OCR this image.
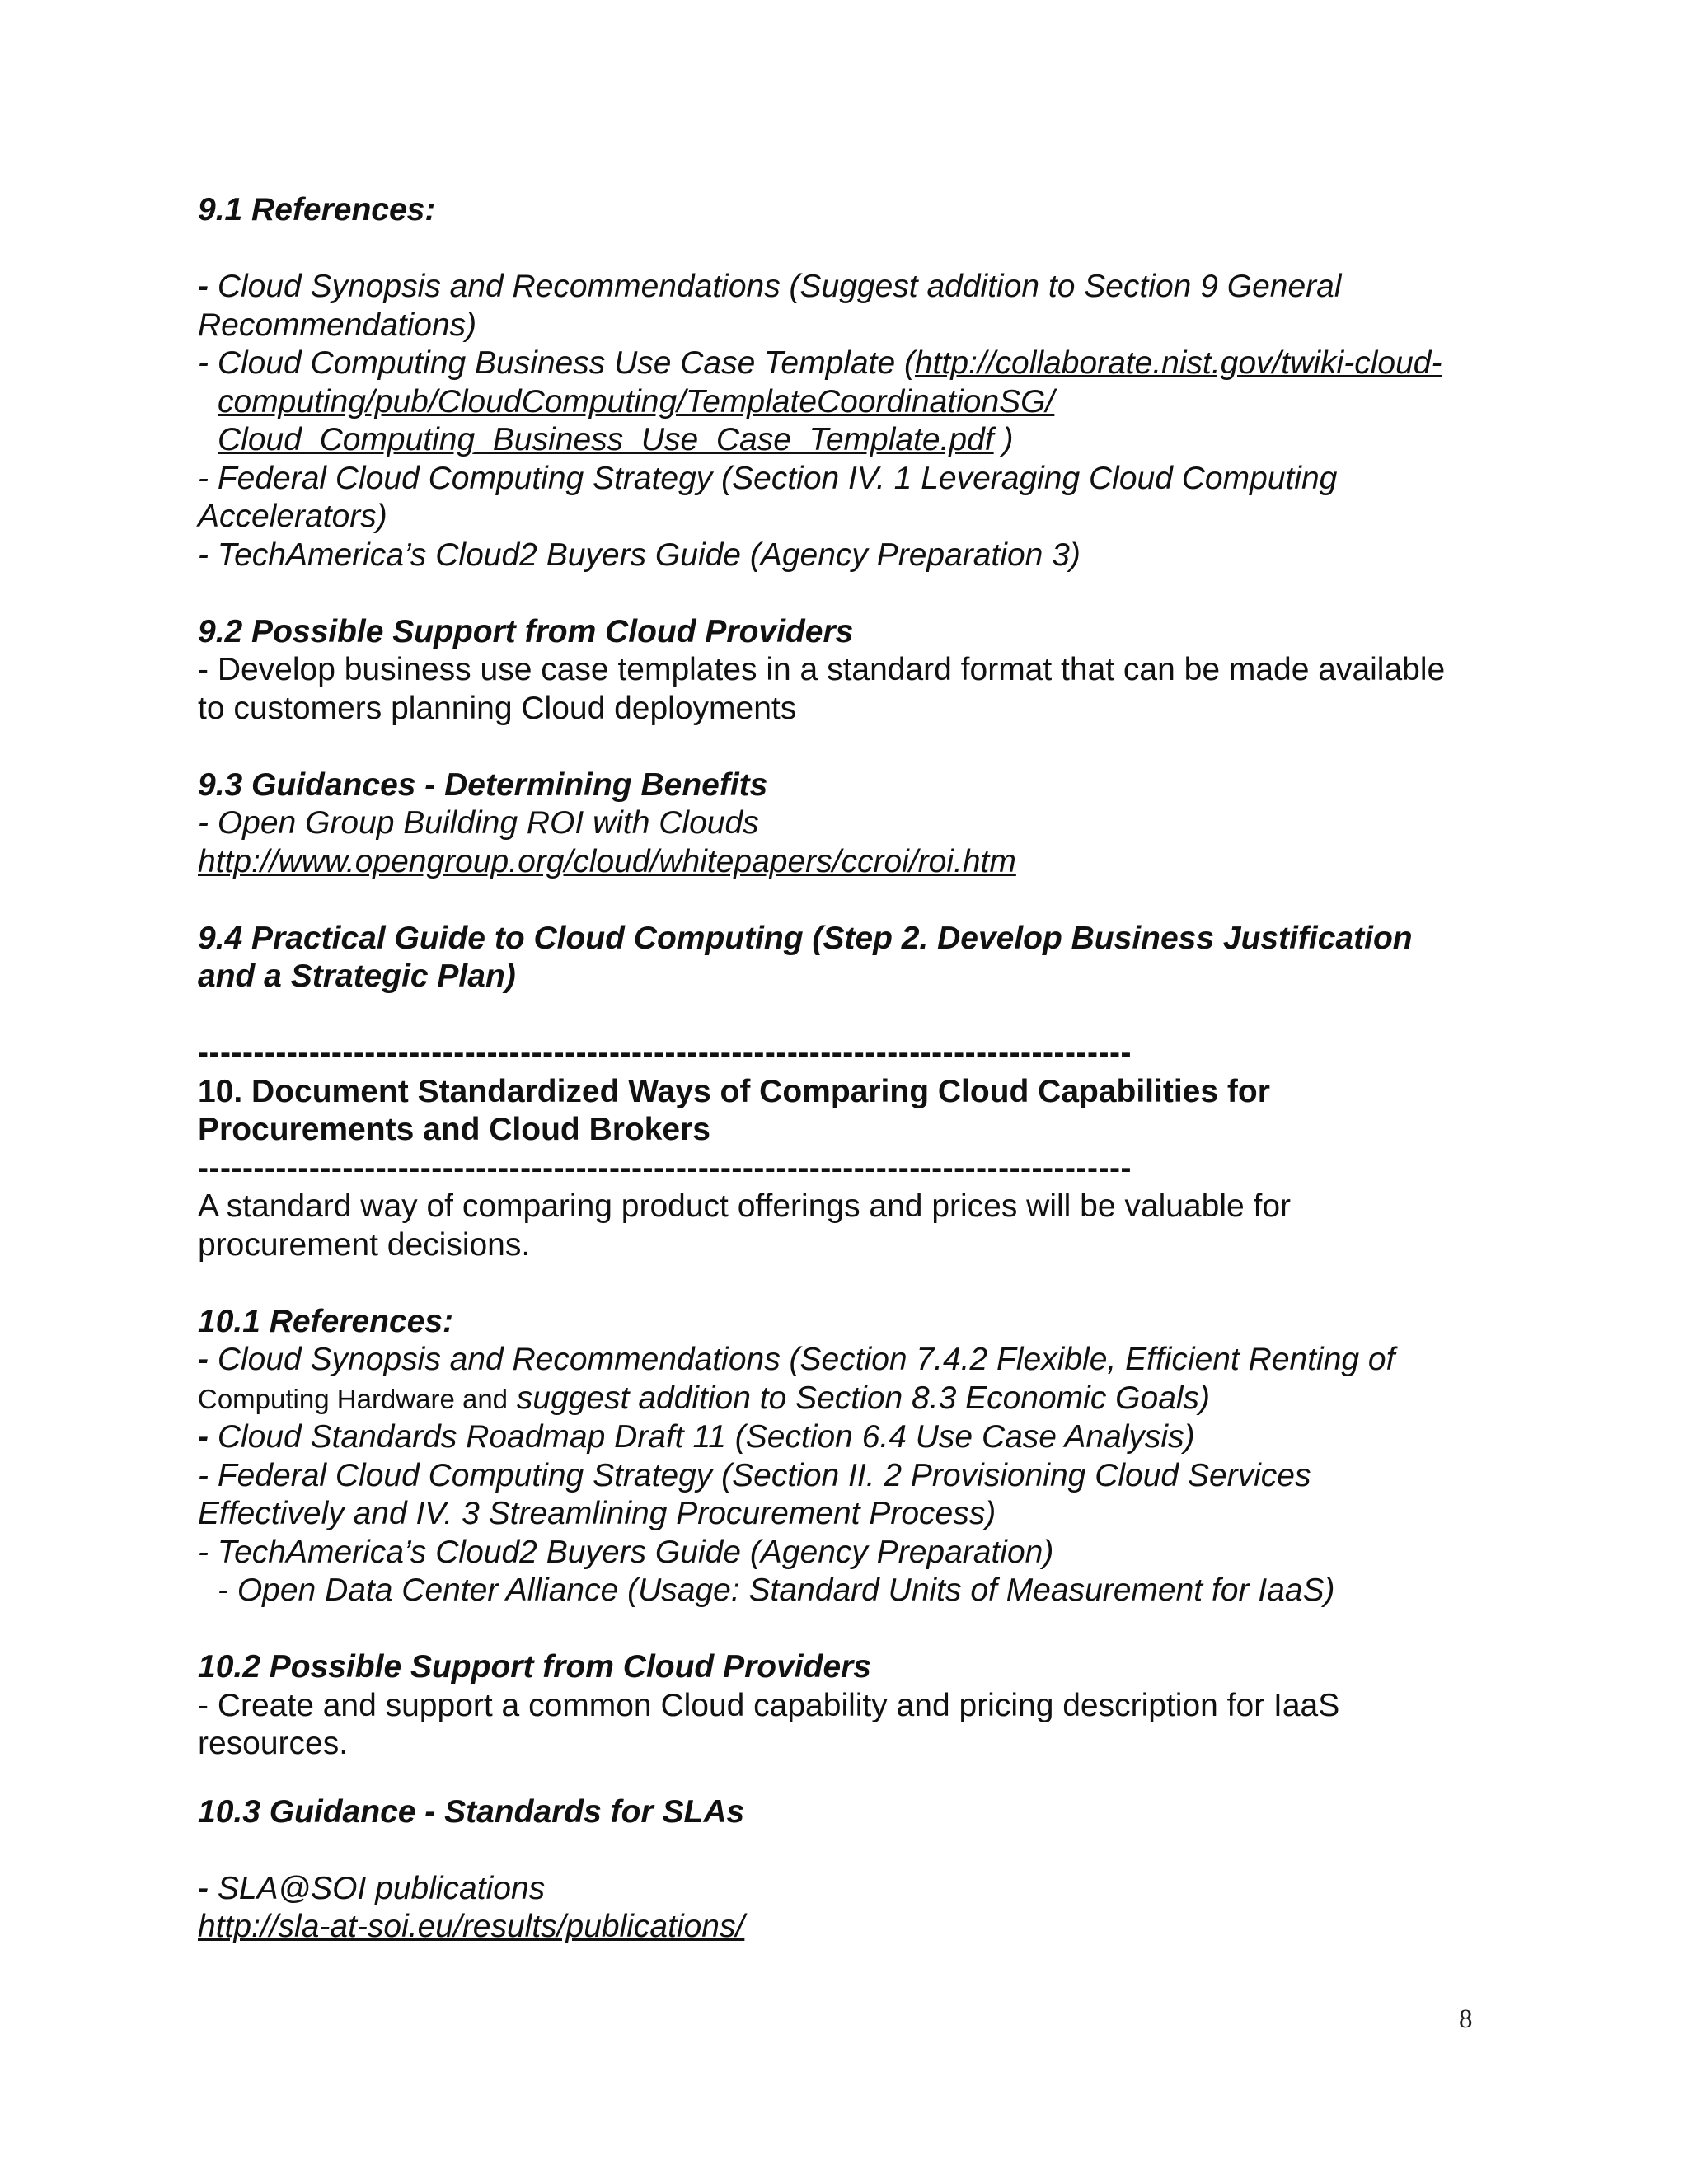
9.1 References:
- Cloud Synopsis and Recommendations (Suggest addition to Section 9 General
Recommendations)
- Cloud Computing Business Use Case Template (http://collaborate.nist.gov/twiki-cloud-
computing/pub/CloudComputing/TemplateCoordinationSG/
Cloud_Computing_Business_Use_Case_Template.pdf )
- Federal Cloud Computing Strategy (Section IV. 1 Leveraging Cloud Computing
Accelerators)
- TechAmerica’s Cloud2 Buyers Guide (Agency Preparation 3)
9.2 Possible Support from Cloud Providers
- Develop business use case templates in a standard format that can be made available
to customers planning Cloud deployments
9.3 Guidances - Determining Benefits
- Open Group Building ROI with Clouds
http://www.opengroup.org/cloud/whitepapers/ccroi/roi.htm
9.4 Practical Guide to Cloud Computing (Step 2. Develop Business Justification
and a Strategic Plan)
------------------------------------------------------------------------------------
10. Document Standardized Ways of Comparing Cloud Capabilities for
Procurements and Cloud Brokers
------------------------------------------------------------------------------------
A standard way of comparing product offerings and prices will be valuable for
procurement decisions.
10.1 References:
- Cloud Synopsis and Recommendations (Section 7.4.2 Flexible, Efficient Renting of
Computing Hardware and suggest addition to Section 8.3 Economic Goals)
- Cloud Standards Roadmap Draft 11 (Section 6.4 Use Case Analysis)
- Federal Cloud Computing Strategy (Section II. 2 Provisioning Cloud Services
Effectively and IV. 3 Streamlining Procurement Process)
- TechAmerica’s Cloud2 Buyers Guide (Agency Preparation)
- Open Data Center Alliance (Usage: Standard Units of Measurement for IaaS)
10.2 Possible Support from Cloud Providers
- Create and support a common Cloud capability and pricing description for IaaS
resources.
10.3 Guidance - Standards for SLAs
- SLA@SOI publications
http://sla-at-soi.eu/results/publications/
8
